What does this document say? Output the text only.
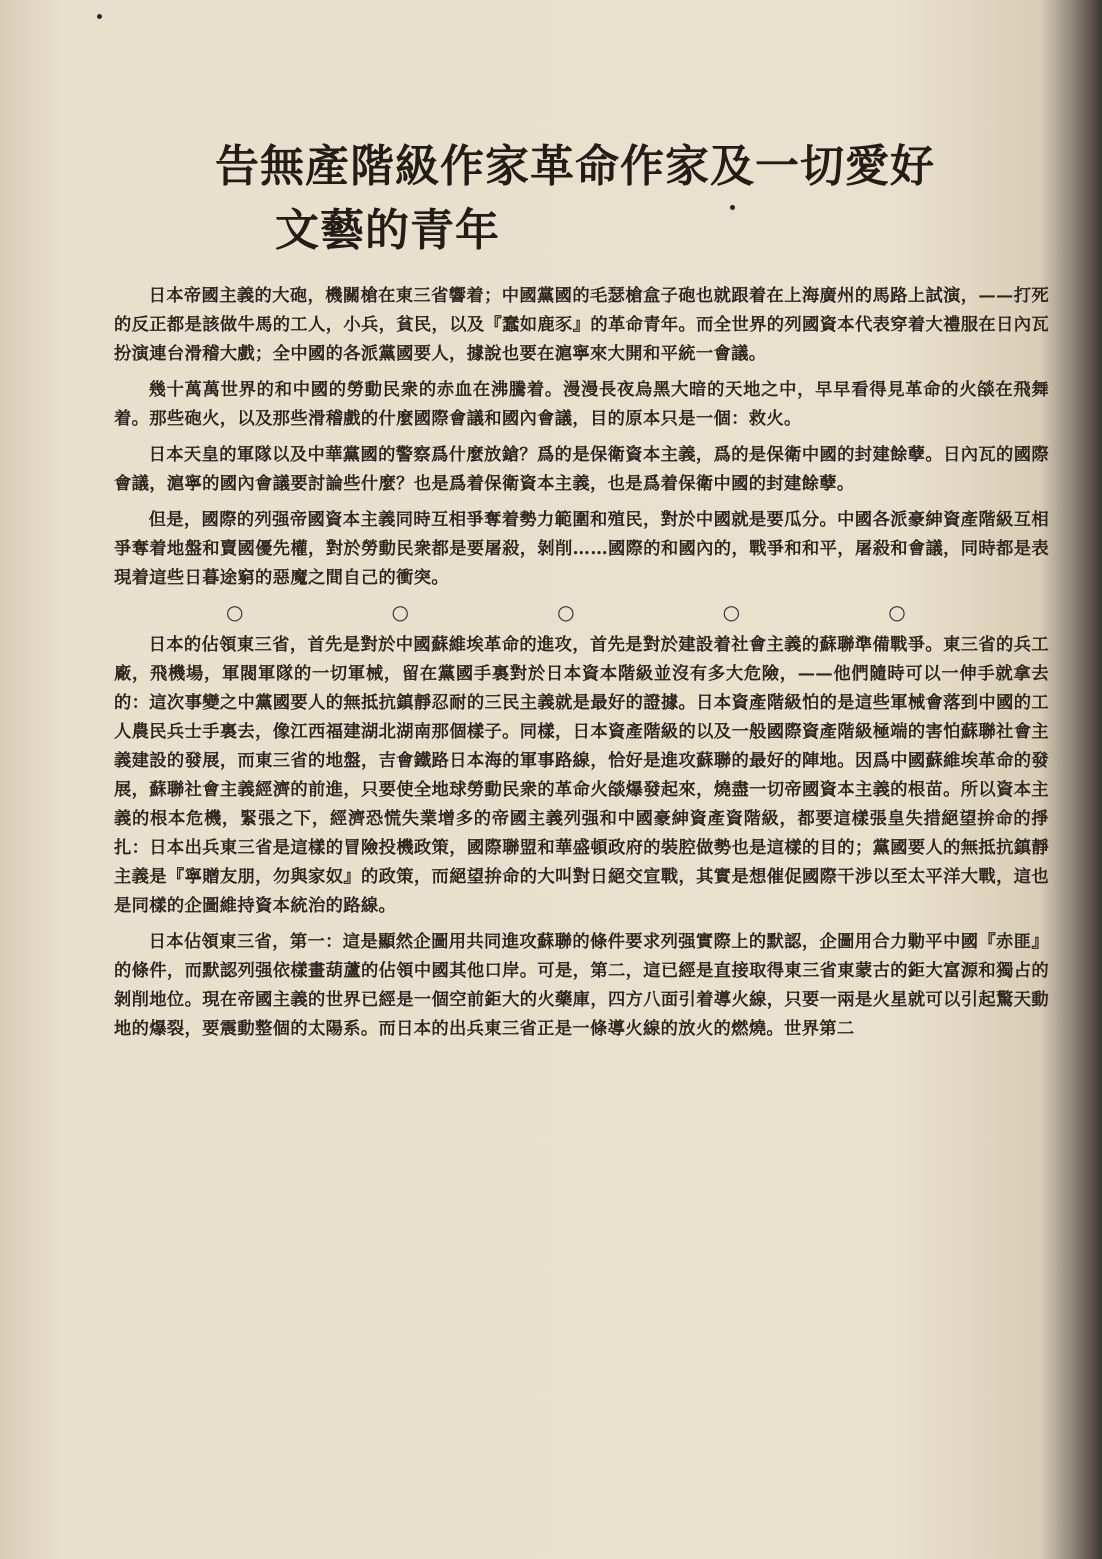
告無產階級作家革命作家及一切愛好
文藝的青年

日本帝國主義的大砲，機關槍在東三省響着；中國黨國的毛瑟槍盒子砲也就跟着在上海廣州的馬路上試演，——打死的反正都是該做牛馬的工人，小兵，貧民，以及『蠢如鹿豕』的革命青年。而全世界的列國資本代表穿着大禮服在日內瓦扮演連台滑稽大戲；全中國的各派黨國要人，據說也要在滬寧來大開和平統一會議。

幾十萬萬世界的和中國的勞動民衆的赤血在沸騰着。漫漫長夜烏黑大暗的天地之中，早早看得見革命的火燄在飛舞着。那些砲火，以及那些滑稽戲的什麼國際會議和國內會議，目的原本只是一個：救火。

日本天皇的軍隊以及中華黨國的警察爲什麼放鎗？爲的是保衛資本主義，爲的是保衛中國的封建餘孽。日內瓦的國際會議，滬寧的國內會議要討論些什麼？也是爲着保衛資本主義，也是爲着保衛中國的封建餘孽。

但是，國際的列强帝國資本主義同時互相爭奪着勢力範圍和殖民，對於中國就是要瓜分。中國各派豪紳資產階級互相爭奪着地盤和賣國優先權，對於勞動民衆都是要屠殺，剝削……國際的和國內的，戰爭和和平，屠殺和會議，同時都是表現着這些日暮途窮的惡魔之間自己的衝突。

○	○	○	○	○

日本的佔領東三省，首先是對於中國蘇維埃革命的進攻，首先是對於建設着社會主義的蘇聯準備戰爭。東三省的兵工廠，飛機場，軍閥軍隊的一切軍械，留在黨國手裏對於日本資本階級並沒有多大危險，——他們隨時可以一伸手就拿去的：這次事變之中黨國要人的無抵抗鎮靜忍耐的三民主義就是最好的證據。日本資產階級怕的是這些軍械會落到中國的工人農民兵士手裏去，像江西福建湖北湖南那個樣子。同樣，日本資產階級的以及一般國際資產階級極端的害怕蘇聯社會主義建設的發展，而東三省的地盤，吉會鐵路日本海的軍事路線，恰好是進攻蘇聯的最好的陣地。因爲中國蘇維埃革命的發展，蘇聯社會主義經濟的前進，只要使全地球勞動民衆的革命火燄爆發起來，燒盡一切帝國資本主義的根苗。所以資本主義的根本危機，緊張之下，經濟恐慌失業增多的帝國主義列强和中國豪紳資產資階級，都要這樣張皇失措絕望拚命的掙扎：日本出兵東三省是這樣的冒險投機政策，國際聯盟和華盛頓政府的裝腔做勢也是這樣的目的；黨國要人的無抵抗鎮靜主義是『寧贈友朋，勿與家奴』的政策，而絕望拚命的大叫對日絕交宣戰，其實是想催促國際干涉以至太平洋大戰，這也是同樣的企圖維持資本統治的路線。

日本佔領東三省，第一：這是顯然企圖用共同進攻蘇聯的條件要求列强實際上的默認，企圖用合力勦平中國『赤匪』的條件，而默認列强依樣畫葫蘆的佔領中國其他口岸。可是，第二，這已經是直接取得東三省東蒙古的鉅大富源和獨占的剝削地位。現在帝國主義的世界已經是一個空前鉅大的火藥庫，四方八面引着導火線，只要一兩是火星就可以引起驚天動地的爆裂，要震動整個的太陽系。而日本的出兵東三省正是一條導火線的放火的燃燒。世界第二
